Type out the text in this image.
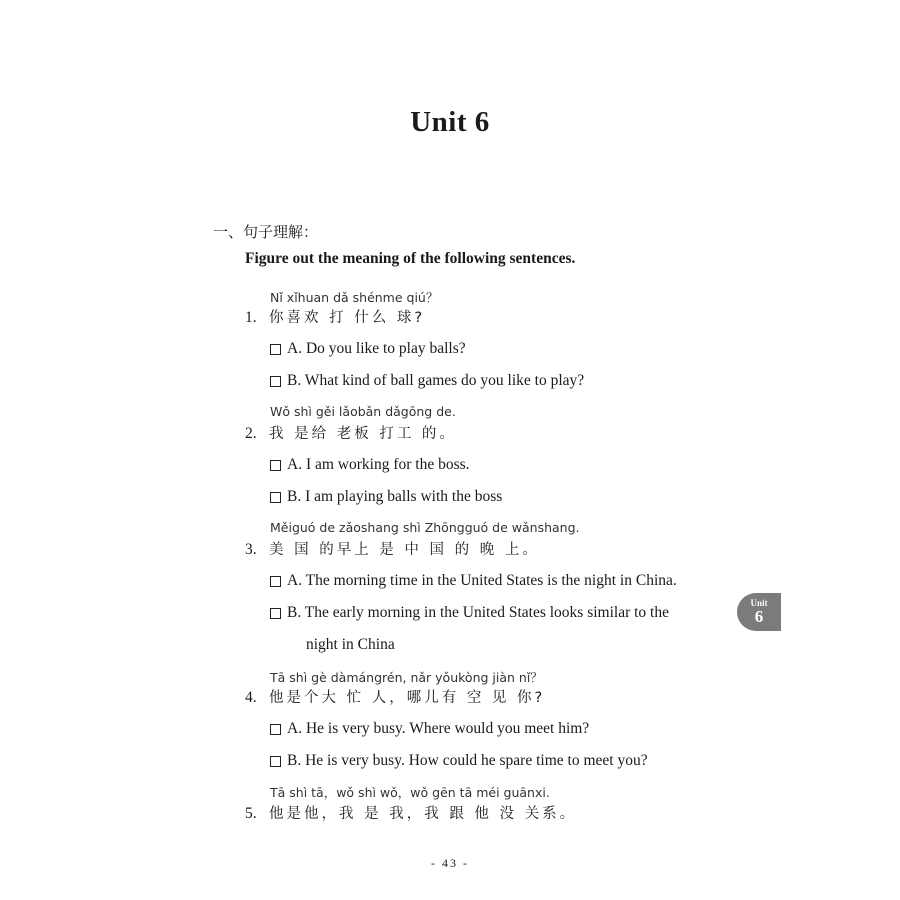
Unit 6
一、句子理解：
Figure out the meaning of the following sentences.
Nǐ xǐhuan dǎ shénme qiú？
1. 你喜欢 打 什么 球?
A. Do you like to play balls?
B. What kind of ball games do you like to play?
Wǒ shì gěi lǎobǎn dǎgōng de.
2. 我 是给 老板 打工 的。
A. I am working for the boss.
B. I am playing balls with the boss
Měiguó de zǎoshang shì Zhōngguó de wǎnshang.
3. 美 国 的早上 是 中 国 的 晚 上。
A. The morning time in the United States is the night in China.
B. The early morning in the United States looks similar to the
night in China
Tā shì gè dàmángrén, nǎr yǒukòng jiàn nǐ？
4. 他是个大 忙 人，哪儿有 空 见 你?
A. He is very busy. Where would you meet him?
B. He is very busy. How could he spare time to meet you?
Tā shì tā，wǒ shì wǒ，wǒ gēn tā méi guānxi.
5. 他是他，我 是 我，我 跟 他 没 关系。
Unit
6
- 43 -
